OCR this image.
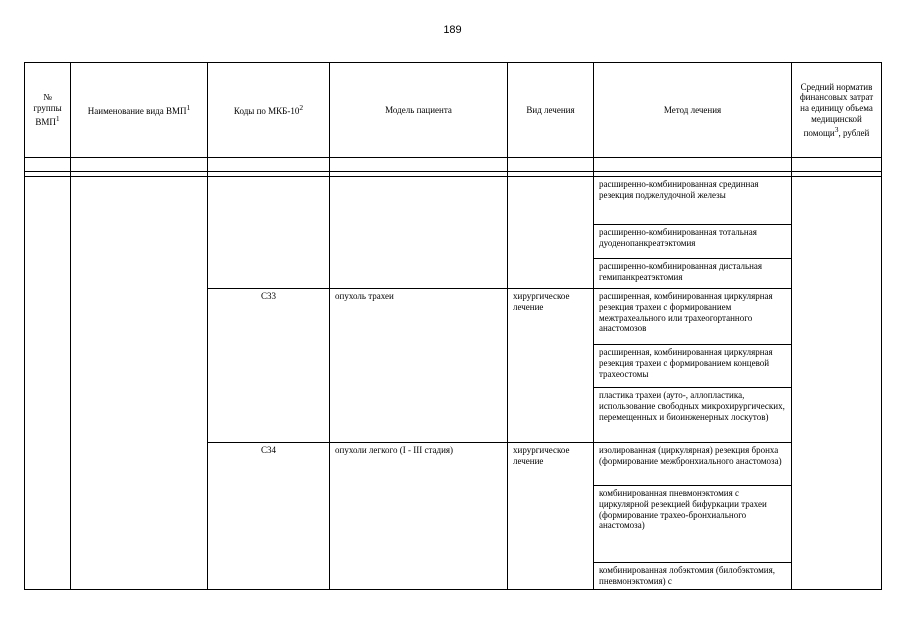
189
№ группы ВМП$^1$	Наименование вида ВМП$^1$	Коды по МКБ-$10^2$	Модель пациента	Вид лечения	Метод лечения	Средний норматив финансовых затрат на единицу объема медицинской помощи$^3$, рублей

					расширенно-комбинированная срединная резекция поджелудочной железы	
					расширенно-комбинированная тотальная дуоденопанкреатэктомия	
					расширенно-комбинированная дистальная гемипанкреатэктомия	
		C33	опухоль трахеи	хирургическое лечение	расширенная, комбинированная циркулярная резекция трахеи с формированием межтрахеального или трахеогортанного анастомозов	
					расширенная, комбинированная циркулярная резекция трахеи с формированием концевой трахеостомы	
					пластика трахеи (ауто-, аллопластика, использование свободных микрохирургических, перемещенных и биоинженерных лоскутов)	
		C34	опухоли легкого (I - III стадия)	хирургическое лечение	изолированная (циркулярная) резекция бронха (формирование межбронхиального анастомоза)	
					комбинированная пневмонэктомия с циркулярной резекцией бифуркации трахеи (формирование трахео-бронхиального анастомоза)	
					комбинированная лобэктомия (билобэктомия, пневмонэктомия) с	
